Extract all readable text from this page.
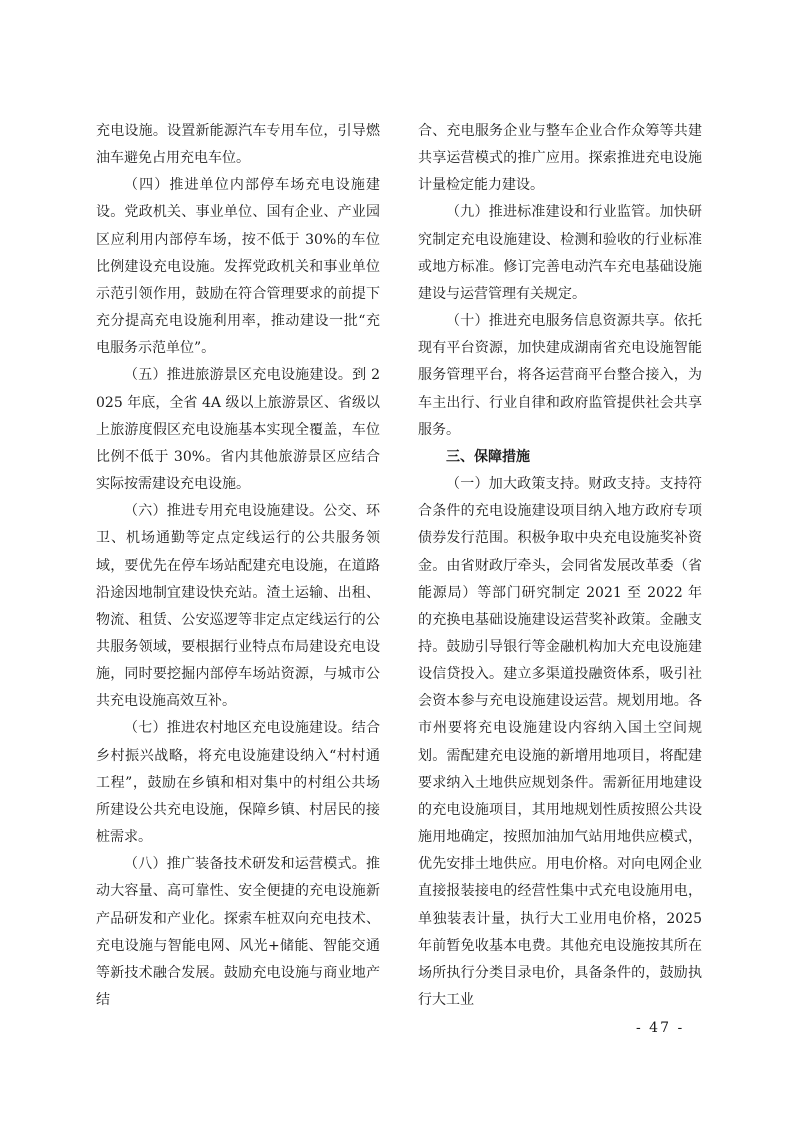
充电设施。设置新能源汽车专用车位，引导燃油车避免占用充电车位。

（四）推进单位内部停车场充电设施建设。党政机关、事业单位、国有企业、产业园区应利用内部停车场，按不低于 30%的车位比例建设充电设施。发挥党政机关和事业单位示范引领作用，鼓励在符合管理要求的前提下充分提高充电设施利用率，推动建设一批“充电服务示范单位”。

（五）推进旅游景区充电设施建设。到 2025 年底，全省 4A 级以上旅游景区、省级以上旅游度假区充电设施基本实现全覆盖，车位比例不低于 30%。省内其他旅游景区应结合实际按需建设充电设施。

（六）推进专用充电设施建设。公交、环卫、机场通勤等定点定线运行的公共服务领域，要优先在停车场站配建充电设施，在道路沿途因地制宜建设快充站。渣土运输、出租、物流、租赁、公安巡逻等非定点定线运行的公共服务领域，要根据行业特点布局建设充电设施，同时要挖掘内部停车场站资源，与城市公共充电设施高效互补。

（七）推进农村地区充电设施建设。结合乡村振兴战略，将充电设施建设纳入“村村通工程”，鼓励在乡镇和相对集中的村组公共场所建设公共充电设施，保障乡镇、村居民的接桩需求。

（八）推广装备技术研发和运营模式。推动大容量、高可靠性、安全便捷的充电设施新产品研发和产业化。探索车桩双向充电技术、充电设施与智能电网、风光+储能、智能交通等新技术融合发展。鼓励充电设施与商业地产结

合、充电服务企业与整车企业合作众筹等共建共享运营模式的推广应用。探索推进充电设施计量检定能力建设。

（九）推进标准建设和行业监管。加快研究制定充电设施建设、检测和验收的行业标准或地方标准。修订完善电动汽车充电基础设施建设与运营管理有关规定。

（十）推进充电服务信息资源共享。依托现有平台资源，加快建成湖南省充电设施智能服务管理平台，将各运营商平台整合接入，为车主出行、行业自律和政府监管提供社会共享服务。

三、保障措施

（一）加大政策支持。财政支持。支持符合条件的充电设施建设项目纳入地方政府专项债券发行范围。积极争取中央充电设施奖补资金。由省财政厅牵头，会同省发展改革委（省能源局）等部门研究制定 2021 至 2022 年的充换电基础设施建设运营奖补政策。金融支持。鼓励引导银行等金融机构加大充电设施建设信贷投入。建立多渠道投融资体系，吸引社会资本参与充电设施建设运营。规划用地。各市州要将充电设施建设内容纳入国土空间规划。需配建充电设施的新增用地项目，将配建要求纳入土地供应规划条件。需新征用地建设的充电设施项目，其用地规划性质按照公共设施用地确定，按照加油加气站用地供应模式，优先安排土地供应。用电价格。对向电网企业直接报装接电的经营性集中式充电设施用电，单独装表计量，执行大工业用电价格，2025 年前暂免收基本电费。其他充电设施按其所在场所执行分类目录电价，具备条件的，鼓励执行大工业

- 47 -
